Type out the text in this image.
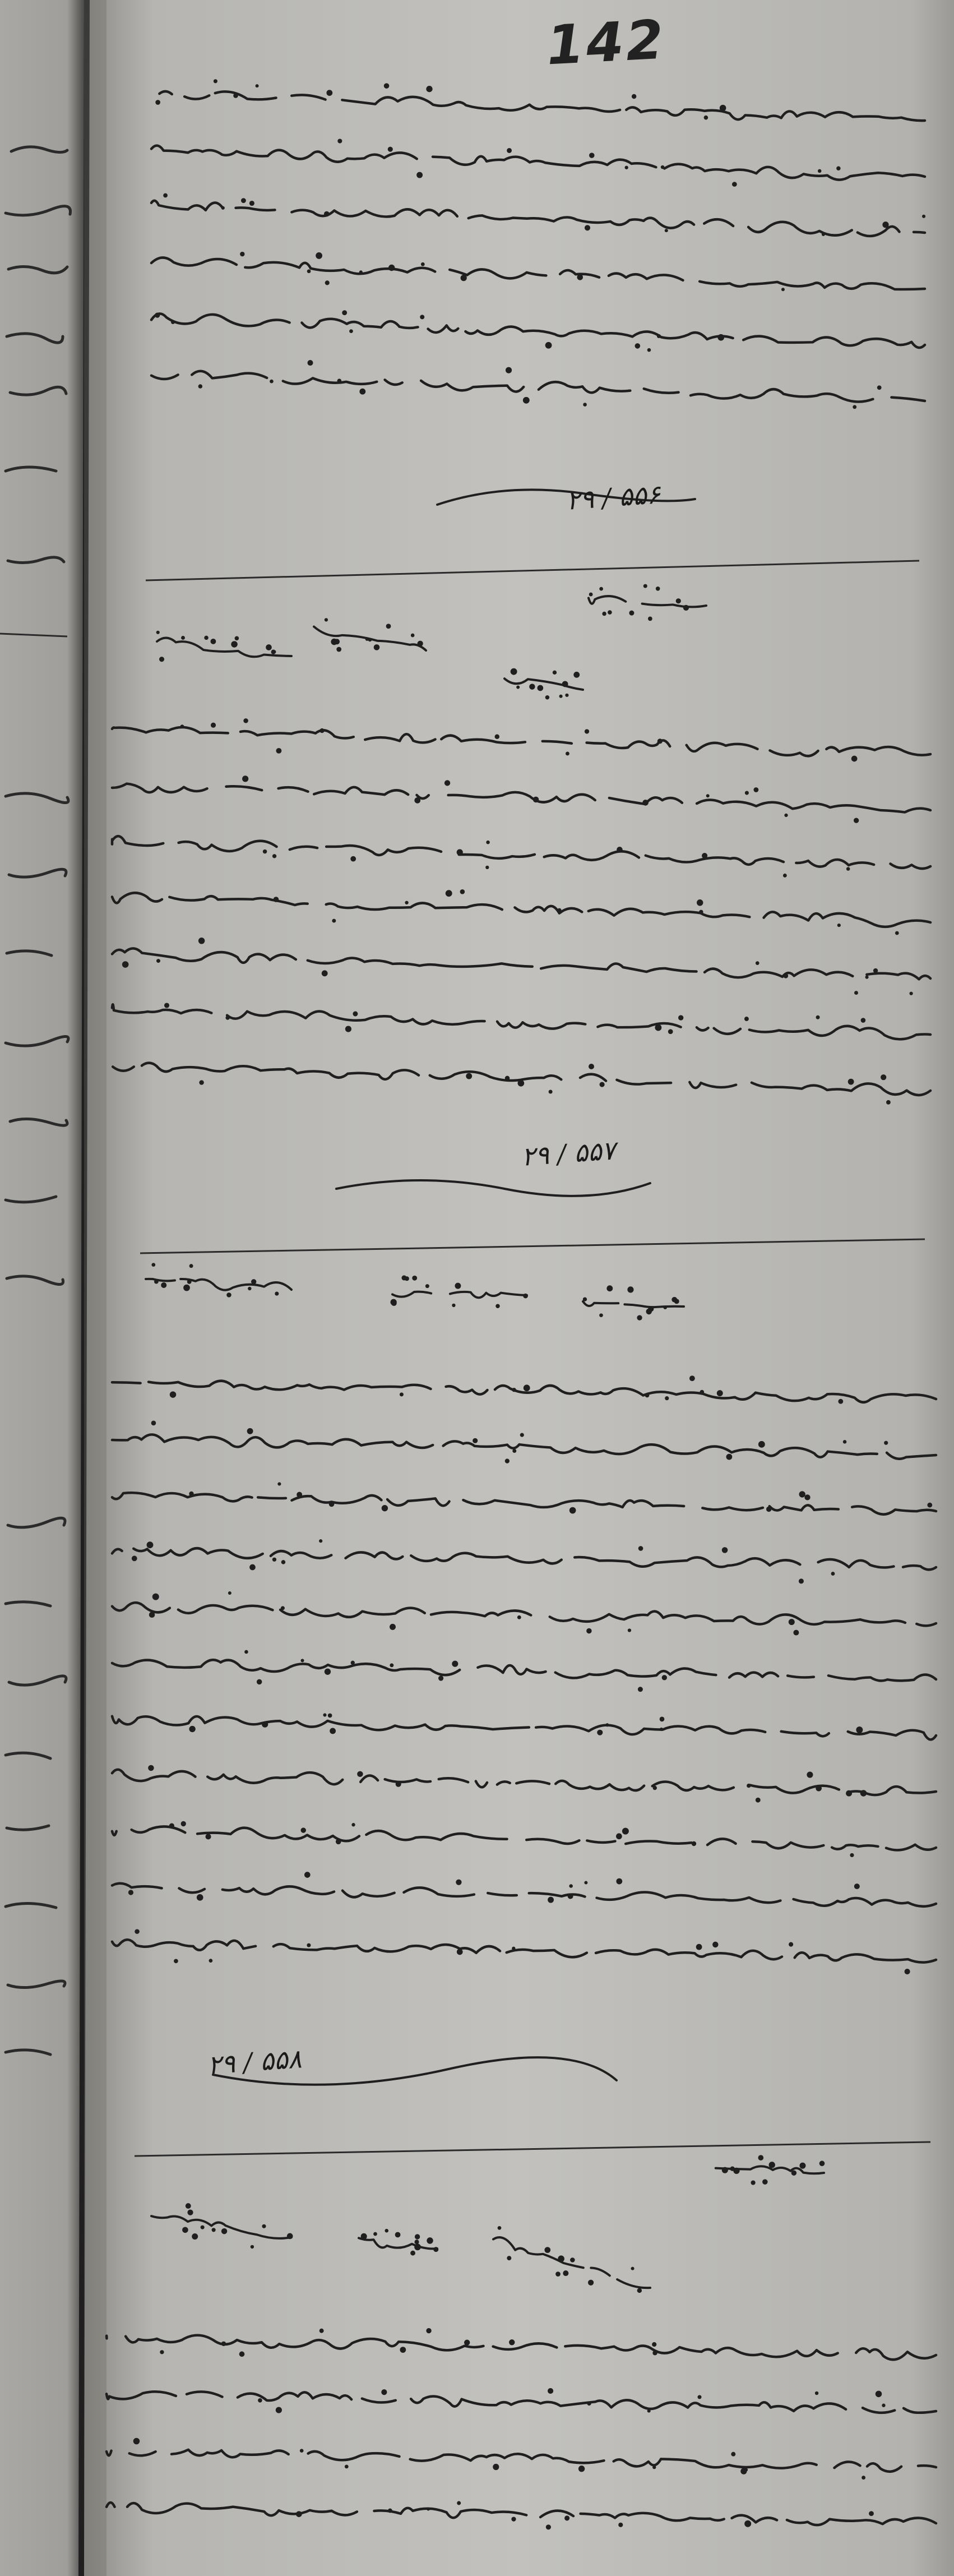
142
۲۹ / ۵۵۶
۲۹ / ۵۵۷
۲۹ / ۵۵۸
